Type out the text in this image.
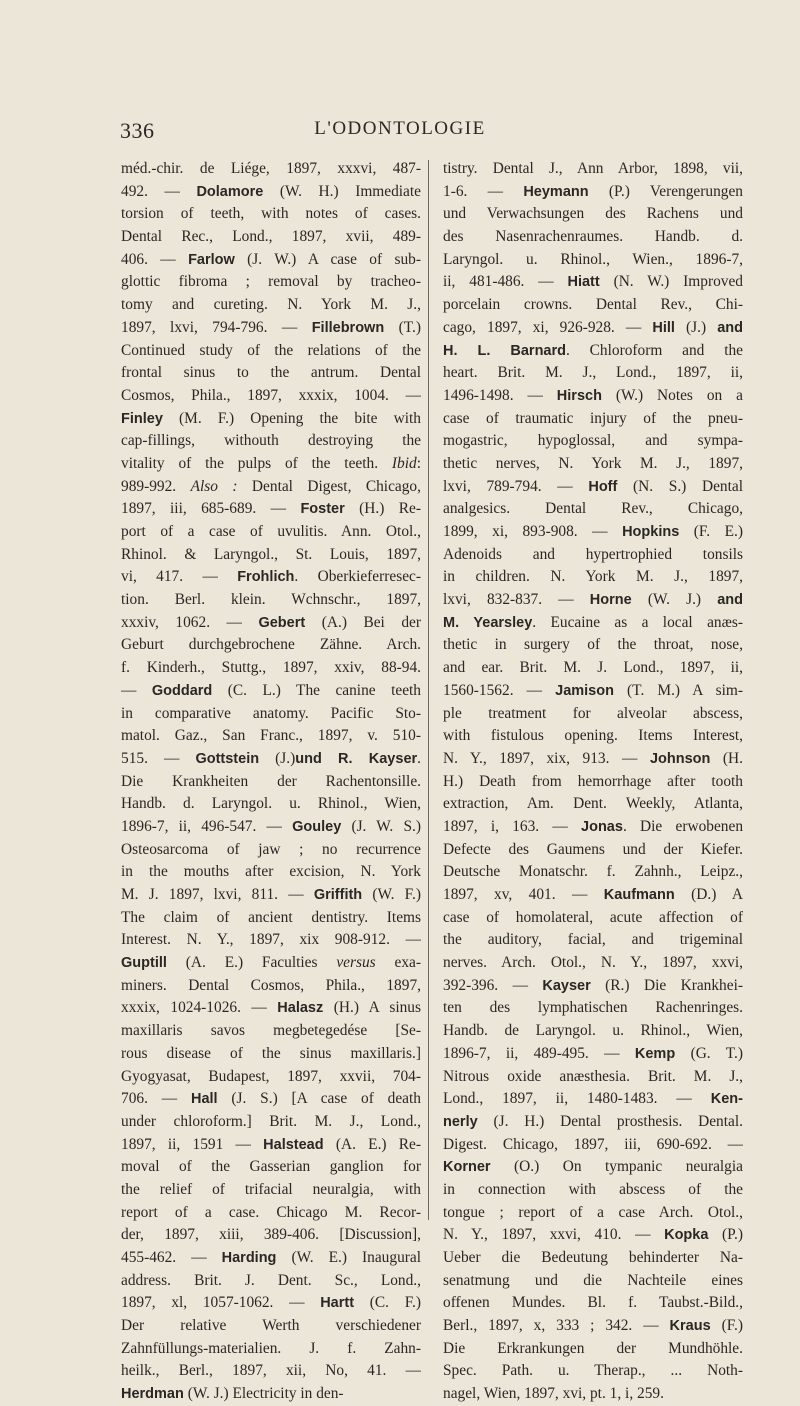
336	L'ODONTOLOGIE
méd.-chir. de Liége, 1897, xxxvi, 487-
492. — Dolamore (W. H.) Immediate
torsion of teeth, with notes of cases.
Dental Rec., Lond., 1897, xvii, 489-
406. — Farlow (J. W.) A case of sub-
glottic fibroma ; removal by tracheo-
tomy and cureting. N. York M. J.,
1897, lxvi, 794-796. — Fillebrown (T.)
Continued study of the relations of the
frontal sinus to the antrum. Dental
Cosmos, Phila., 1897, xxxix, 1004. —
Finley (M. F.) Opening the bite with
cap-fillings, withouth destroying the
vitality of the pulps of the teeth. Ibid:
989-992. Also : Dental Digest, Chicago,
1897, iii, 685-689. — Foster (H.) Re-
port of a case of uvulitis. Ann. Otol.,
Rhinol. & Laryngol., St. Louis, 1897,
vi, 417. — Frohlich. Oberkieferresec-
tion. Berl. klein. Wchnschr., 1897,
xxxiv, 1062. — Gebert (A.) Bei der
Geburt durchgebrochene Zähne. Arch.
f. Kinderh., Stuttg., 1897, xxiv, 88-94.
— Goddard (C. L.) The canine teeth
in comparative anatomy. Pacific Sto-
matol. Gaz., San Franc., 1897, v. 510-
515. — Gottstein (J.)und R. Kayser.
Die Krankheiten der Rachentonsille.
Handb. d. Laryngol. u. Rhinol., Wien,
1896-7, ii, 496-547. — Gouley (J. W. S.)
Osteosarcoma of jaw ; no recurrence
in the mouths after excision, N. York
M. J. 1897, lxvi, 811. — Griffith (W. F.)
The claim of ancient dentistry. Items
Interest. N. Y., 1897, xix 908-912. —
Guptill (A. E.) Faculties versus exa-
miners. Dental Cosmos, Phila., 1897,
xxxix, 1024-1026. — Halasz (H.) A sinus
maxillaris savos megbetegedése [Se-
rous disease of the sinus maxillaris.]
Gyogyasat, Budapest, 1897, xxvii, 704-
706. — Hall (J. S.) [A case of death
under chloroform.] Brit. M. J., Lond.,
1897, ii, 1591 — Halstead (A. E.) Re-
moval of the Gasserian ganglion for
the relief of trifacial neuralgia, with
report of a case. Chicago M. Recor-
der, 1897, xiii, 389-406. [Discussion],
455-462. — Harding (W. E.) Inaugural
address. Brit. J. Dent. Sc., Lond.,
1897, xl, 1057-1062. — Hartt (C. F.)
Der relative Werth verschiedener
Zahnfüllungs-materialien. J. f. Zahn-
heilk., Berl., 1897, xii, No, 41. —
Herdman (W. J.) Electricity in den-
tistry. Dental J., Ann Arbor, 1898, vii,
1-6. — Heymann (P.) Verengerungen
und Verwachsungen des Rachens und
des Nasenrachenraumes. Handb. d.
Laryngol. u. Rhinol., Wien., 1896-7,
ii, 481-486. — Hiatt (N. W.) Improved
porcelain crowns. Dental Rev., Chi-
cago, 1897, xi, 926-928. — Hill (J.) and
H. L. Barnard. Chloroform and the
heart. Brit. M. J., Lond., 1897, ii,
1496-1498. — Hirsch (W.) Notes on a
case of traumatic injury of the pneu-
mogastric, hypoglossal, and sympa-
thetic nerves, N. York M. J., 1897,
lxvi, 789-794. — Hoff (N. S.) Dental
analgesics. Dental Rev., Chicago,
1899, xi, 893-908. — Hopkins (F. E.)
Adenoids and hypertrophied tonsils
in children. N. York M. J., 1897,
lxvi, 832-837. — Horne (W. J.) and
M. Yearsley. Eucaine as a local anæs-
thetic in surgery of the throat, nose,
and ear. Brit. M. J. Lond., 1897, ii,
1560-1562. — Jamison (T. M.) A sim-
ple treatment for alveolar abscess,
with fistulous opening. Items Interest,
N. Y., 1897, xix, 913. — Johnson (H.
H.) Death from hemorrhage after tooth
extraction, Am. Dent. Weekly, Atlanta,
1897, i, 163. — Jonas. Die erwobenen
Defecte des Gaumens und der Kiefer.
Deutsche Monatschr. f. Zahnh., Leipz.,
1897, xv, 401. — Kaufmann (D.) A
case of homolateral, acute affection of
the auditory, facial, and trigeminal
nerves. Arch. Otol., N. Y., 1897, xxvi,
392-396. — Kayser (R.) Die Krankhei-
ten des lymphatischen Rachenringes.
Handb. de Laryngol. u. Rhinol., Wien,
1896-7, ii, 489-495. — Kemp (G. T.)
Nitrous oxide anæsthesia. Brit. M. J.,
Lond., 1897, ii, 1480-1483. — Ken-
nerly (J. H.) Dental prosthesis. Dental.
Digest. Chicago, 1897, iii, 690-692. —
Korner (O.) On tympanic neuralgia
in connection with abscess of the
tongue ; report of a case Arch. Otol.,
N. Y., 1897, xxvi, 410. — Kopka (P.)
Ueber die Bedeutung behinderter Na-
senatmung und die Nachteile eines
offenen Mundes. Bl. f. Taubst.-Bild.,
Berl., 1897, x, 333 ; 342. — Kraus (F.)
Die Erkrankungen der Mundhöhle.
Spec. Path. u. Therap., ... Noth-
nagel, Wien, 1897, xvi, pt. 1, i, 259.
